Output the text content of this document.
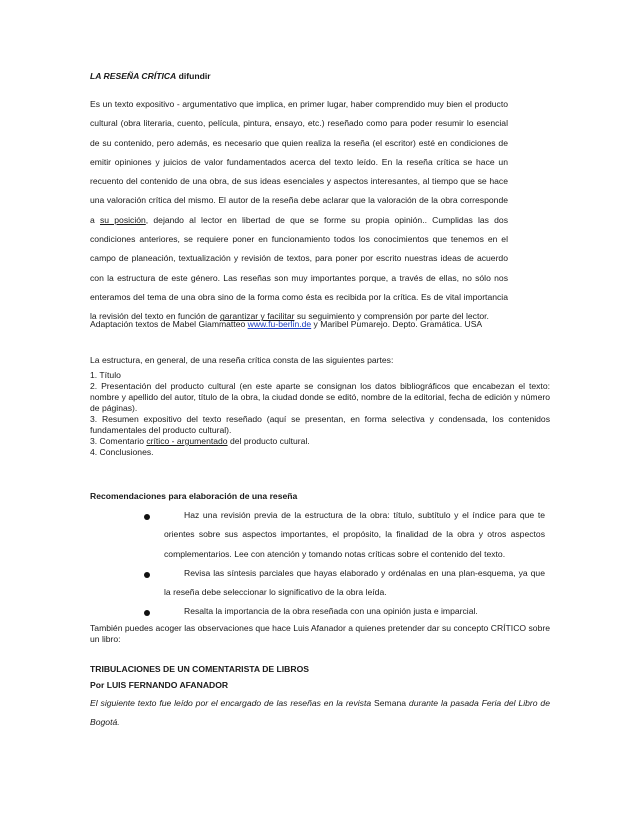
LA RESEÑA CRÍTICA difundir

Es un texto expositivo - argumentativo que implica, en primer lugar, haber comprendido muy bien el producto cultural (obra literaria, cuento, película, pintura, ensayo, etc.) reseñado como para poder resumir lo esencial de su contenido, pero además, es necesario que quien realiza la reseña (el escritor) esté en condiciones de emitir opiniones y juicios de valor fundamentados acerca del texto leído. En la reseña crítica se hace un recuento del contenido de una obra, de sus ideas esenciales y aspectos interesantes, al tiempo que se hace una valoración crítica del mismo. El autor de la reseña debe aclarar que la valoración de la obra corresponde a su posición, dejando al lector en libertad de que se forme su propia opinión.. Cumplidas las dos condiciones anteriores, se requiere poner en funcionamiento todos los conocimientos que tenemos en el campo de planeación, textualización y revisión de textos, para poner por escrito nuestras ideas de acuerdo con la estructura de este género. Las reseñas son muy importantes porque, a través de ellas, no sólo nos enteramos del tema de una obra sino de la forma como ésta es recibida por la crítica. Es de vital importancia la revisión del texto en función de garantizar y facilitar su seguimiento y comprensión por parte del lector.

Adaptación textos de Mabel Giammatteo www.fu-berlin.de y Maribel Pumarejo. Depto. Gramática. USA

La estructura, en general, de una reseña crítica consta de las siguientes partes:

1. Título

2. Presentación del producto cultural (en este aparte se consignan los datos bibliográficos que encabezan el texto: nombre y apellido del autor, título de la obra, la ciudad donde se editó, nombre de la editorial, fecha de edición y número de páginas).

3. Resumen expositivo del texto reseñado (aquí se presentan, en forma selectiva y condensada, los contenidos fundamentales del producto cultural).

3. Comentario crítico - argumentado del producto cultural.

4. Conclusiones.

Recomendaciones para elaboración de una reseña

Haz una revisión previa de la estructura de la obra: título, subtítulo y el índice para que te orientes sobre sus aspectos importantes, el propósito, la finalidad de la obra y otros aspectos complementarios. Lee con atención y tomando notas críticas sobre el contenido del texto.

Revisa las síntesis parciales que hayas elaborado y ordénalas en una plan-esquema, ya que la reseña debe seleccionar lo significativo de la obra leída.

Resalta la importancia de la obra reseñada con una opinión justa e imparcial.

También puedes acoger las observaciones que hace Luis Afanador a quienes pretender dar su concepto CRÍTICO sobre un libro:

TRIBULACIONES DE UN COMENTARISTA DE LIBROS

Por LUIS FERNANDO AFANADOR

El siguiente texto fue leído por el encargado de las reseñas en la revista Semana durante la pasada Feria del Libro de Bogotá.
